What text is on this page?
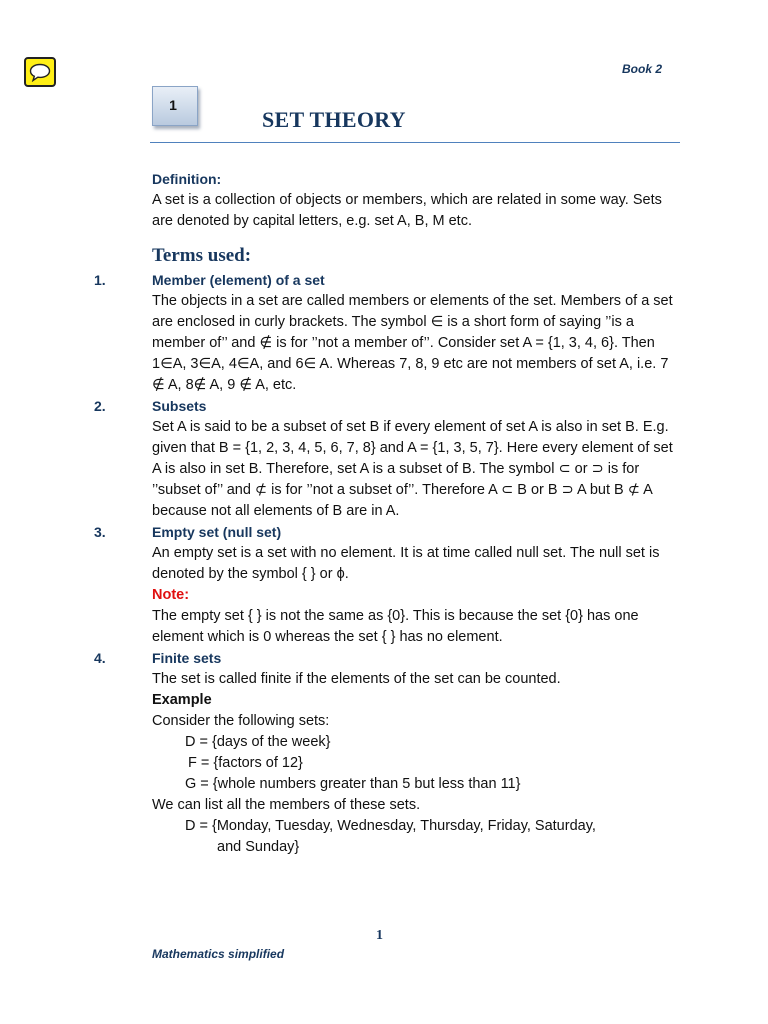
Book 2
1
SET THEORY

Definition:

A set is a collection of objects or members, which are related in some way. Sets are denoted by capital letters, e.g. set A, B, M etc.

Terms used:

1.	Member (element) of a set

The objects in a set are called members or elements of the set. Members of a set are enclosed in curly brackets. The symbol ∈ is a short form of saying ’’is a member of’’ and ∉ is for ’’not a member of’’. Consider set A = {1, 3, 4, 6}. Then 1∈A, 3∈A, 4∈A, and 6∈ A. Whereas 7, 8, 9 etc are not members of set A, i.e. 7 ∉ A, 8∉ A, 9 ∉ A, etc.

2.	Subsets

Set A is said to be a subset of set B if every element of set A is also in set B. E.g. given that B = {1, 2, 3, 4, 5, 6, 7, 8} and A = {1, 3, 5, 7}. Here every element of set A is also in set B. Therefore, set A is a subset of B. The symbol ⊂ or ⊃ is for ’’subset of’’ and ⊄ is for ’’not a subset of’’. Therefore A ⊂ B or B ⊃ A but B ⊄ A because not all elements of B are in A.

3.	Empty set (null set)

An empty set is a set with no element. It is at time called null set. The null set is denoted by the symbol { } or ϕ.

Note:

The empty set { } is not the same as {0}. This is because the set {0} has one element which is 0 whereas the set { } has no element.

4.	Finite sets

The set is called finite if the elements of the set can be counted.

Example

Consider the following sets:

D = {days of the week}

F = {factors of 12}

G = {whole numbers greater than 5 but less than 11}

We can list all the members of these sets.

D = {Monday, Tuesday, Wednesday, Thursday, Friday, Saturday,

and Sunday}

1
Mathematics simplified
